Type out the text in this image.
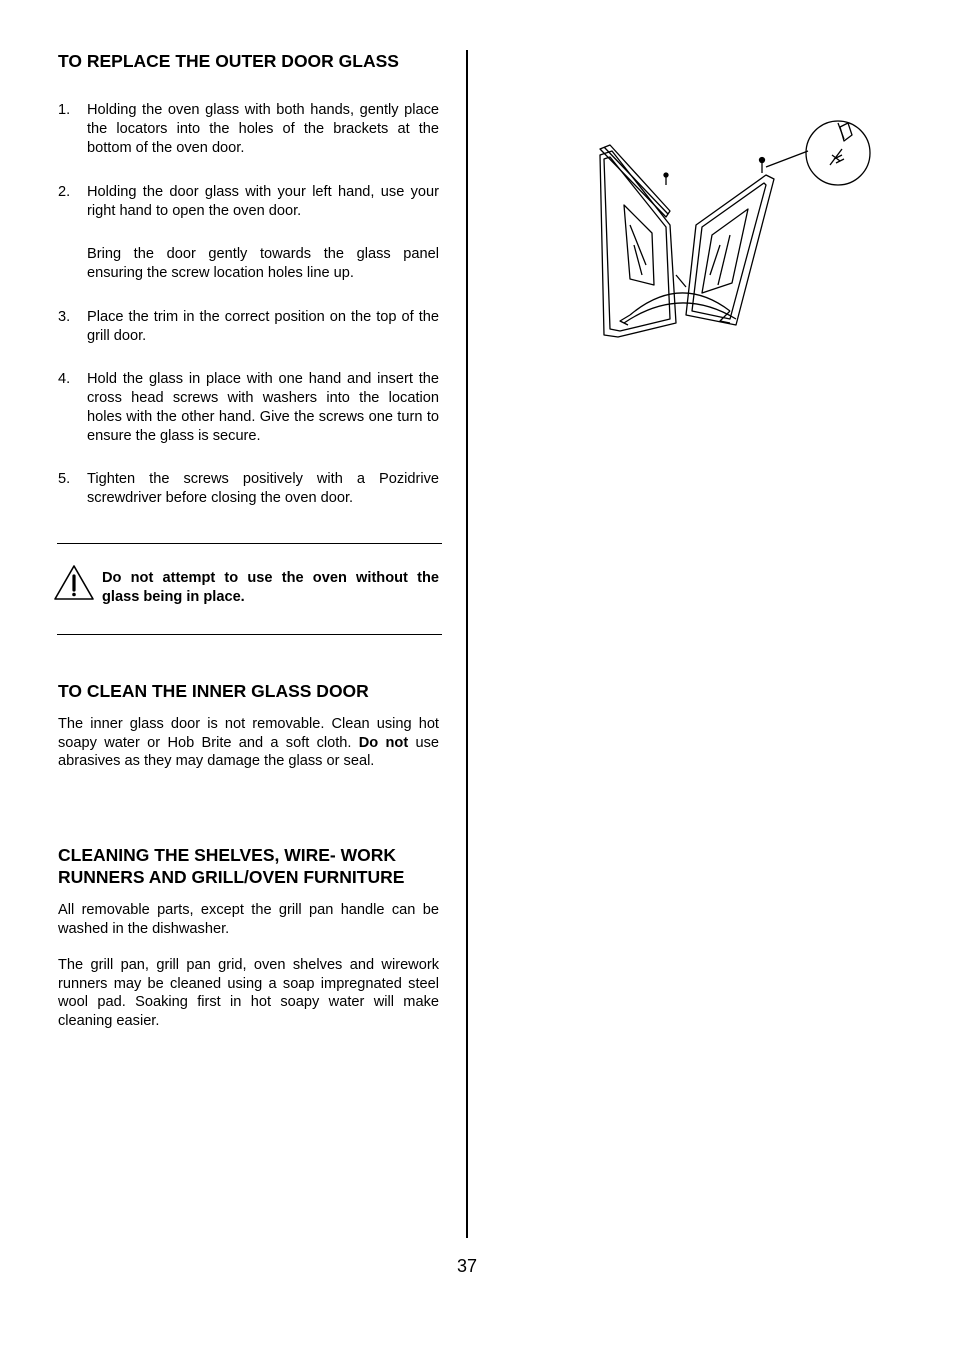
TO REPLACE THE OUTER DOOR GLASS
1.	Holding the oven glass with both hands, gently place the locators into the holes of the brackets at the bottom of the oven door.
2.	Holding the door glass with your left hand, use your right hand to open the oven door.
Bring the door gently towards the glass panel ensuring the screw location holes line up.
3.	Place the trim in the correct position on the top of the grill door.
4.	Hold the glass in place with one hand and insert the cross head screws with washers into the location holes with the other hand. Give the screws one turn to ensure the glass is secure.
5.	Tighten the screws positively with a Pozidrive screwdriver before closing the oven door.
Do not attempt to use the oven without the glass being in place.
TO CLEAN THE INNER GLASS DOOR
The inner glass door is not removable. Clean using hot soapy water or Hob Brite and a soft cloth. Do not use abrasives as they may damage the glass or seal.
CLEANING THE SHELVES, WIRE- WORK
RUNNERS AND GRILL/OVEN FURNITURE
All removable parts, except the grill pan handle can be washed in the dishwasher.
The grill pan, grill pan grid, oven shelves and wirework runners may be cleaned using a soap impregnated steel wool pad. Soaking first in hot soapy water will make cleaning easier.
37
